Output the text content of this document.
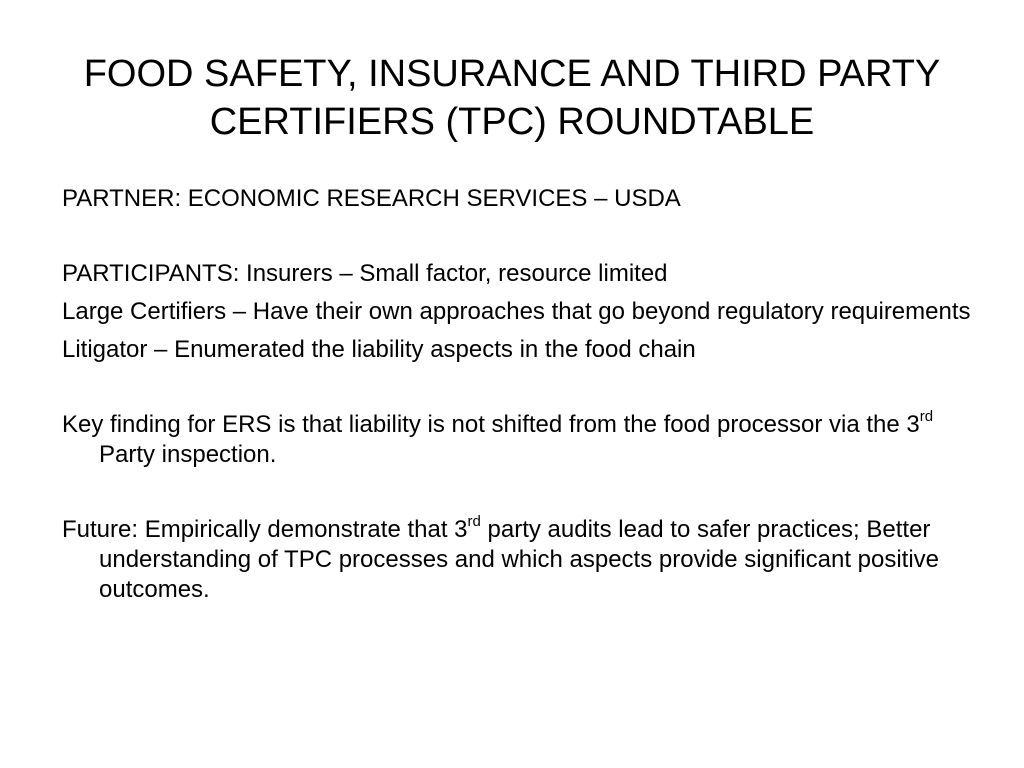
FOOD SAFETY, INSURANCE AND THIRD PARTY
CERTIFIERS (TPC) ROUNDTABLE

PARTNER: ECONOMIC RESEARCH SERVICES – USDA

PARTICIPANTS: Insurers – Small factor, resource limited

Large Certifiers – Have their own approaches that go beyond regulatory requirements

Litigator – Enumerated the liability aspects in the food chain

Key finding for ERS is that liability is not shifted from the food processor via the 3rd Party inspection.

Future: Empirically demonstrate that 3rd party audits lead to safer practices; Better understanding of TPC processes and which aspects provide significant positive outcomes.
